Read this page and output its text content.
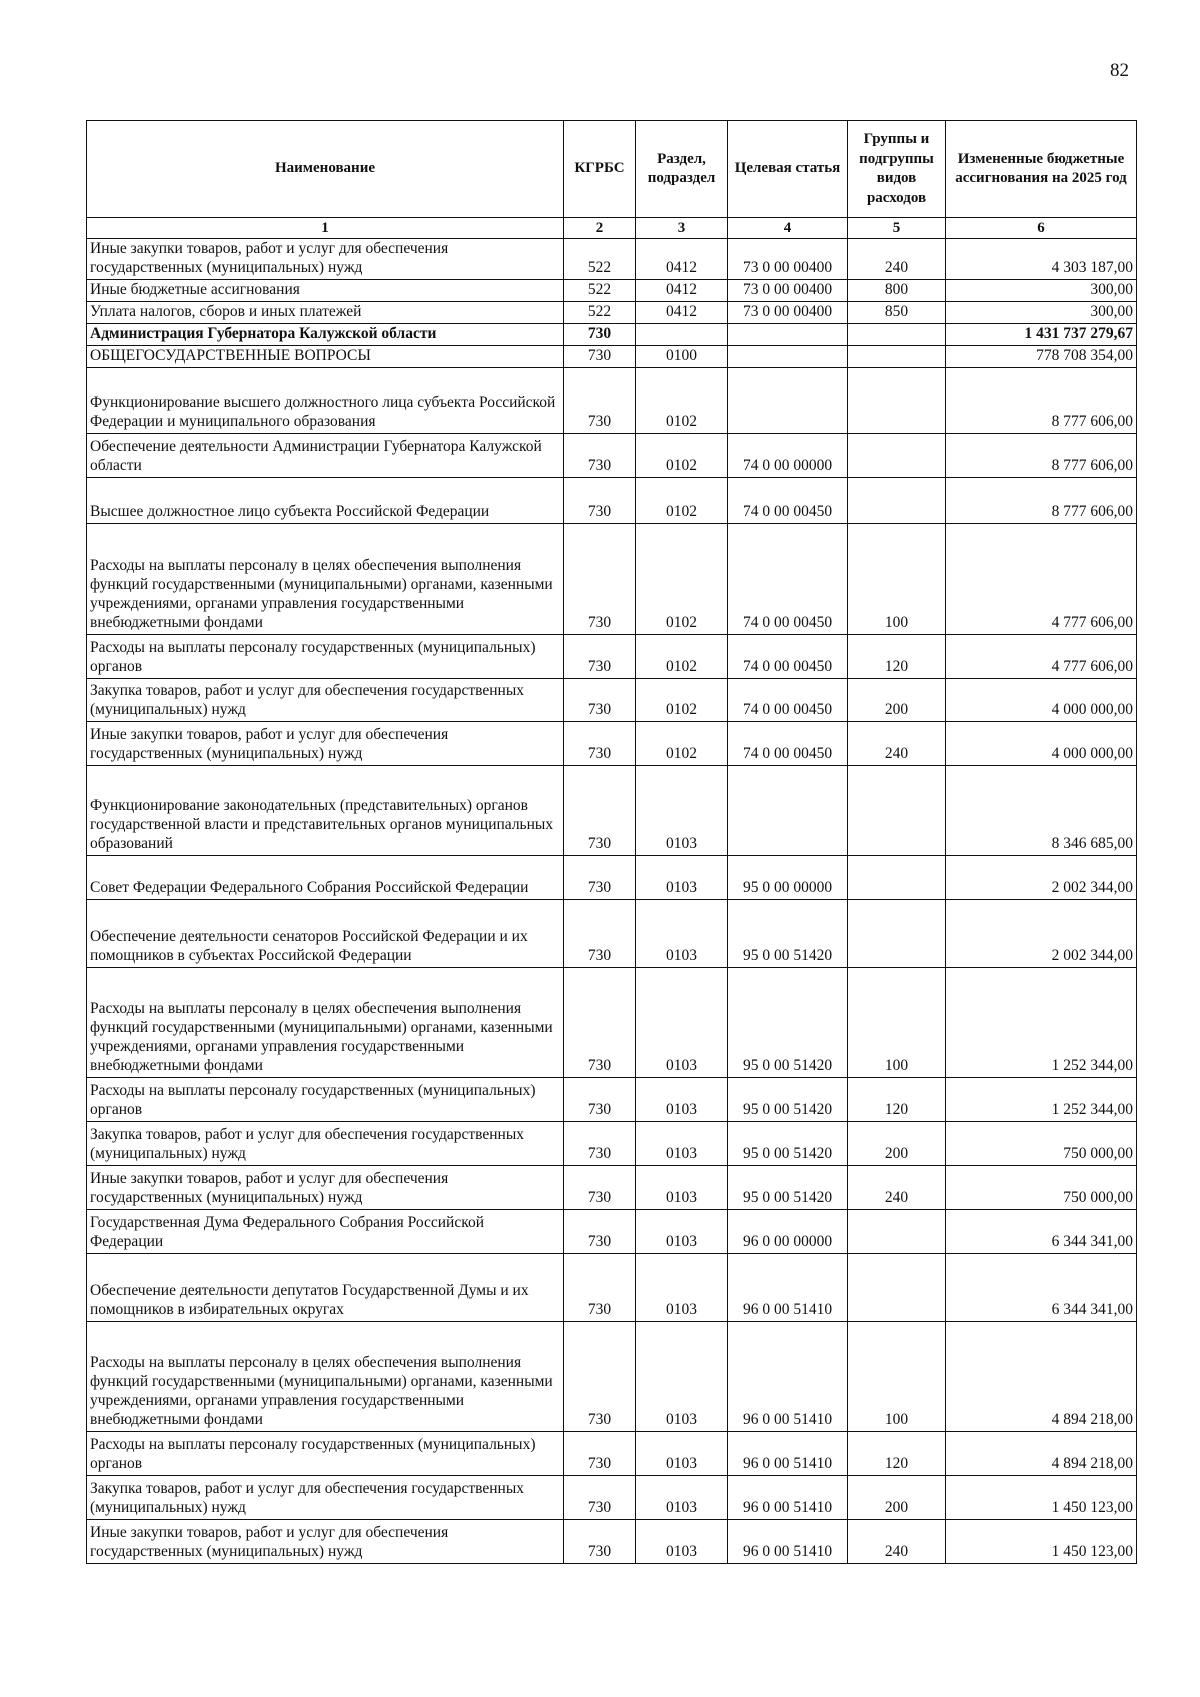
82
Наименование	КГРБС	Раздел, подраздел	Целевая статья	Группы и подгруппы видов расходов	Измененные бюджетные ассигнования на 2025 год
1	2	3	4	5	6
Иные закупки товаров, работ и услуг для обеспечения государственных (муниципальных) нужд	522	0412	73 0 00 00400	240	4 303 187,00
Иные бюджетные ассигнования	522	0412	73 0 00 00400	800	300,00
Уплата налогов, сборов и иных платежей	522	0412	73 0 00 00400	850	300,00
Администрация Губернатора Калужской области	730				1 431 737 279,67
ОБЩЕГОСУДАРСТВЕННЫЕ ВОПРОСЫ	730	0100			778 708 354,00
Функционирование высшего должностного лица субъекта Российской Федерации и муниципального образования	730	0102			8 777 606,00
Обеспечение деятельности Администрации Губернатора Калужской области	730	0102	74 0 00 00000		8 777 606,00
Высшее должностное лицо субъекта Российской Федерации	730	0102	74 0 00 00450		8 777 606,00
Расходы на выплаты персоналу в целях обеспечения выполнения функций государственными (муниципальными) органами, казенными учреждениями, органами управления государственными внебюджетными фондами	730	0102	74 0 00 00450	100	4 777 606,00
Расходы на выплаты персоналу государственных (муниципальных) органов	730	0102	74 0 00 00450	120	4 777 606,00
Закупка товаров, работ и услуг для обеспечения государственных (муниципальных) нужд	730	0102	74 0 00 00450	200	4 000 000,00
Иные закупки товаров, работ и услуг для обеспечения государственных (муниципальных) нужд	730	0102	74 0 00 00450	240	4 000 000,00
Функционирование законодательных (представительных) органов государственной власти и представительных органов муниципальных образований	730	0103			8 346 685,00
Совет Федерации Федерального Собрания Российской Федерации	730	0103	95 0 00 00000		2 002 344,00
Обеспечение деятельности сенаторов Российской Федерации и их помощников в субъектах Российской Федерации	730	0103	95 0 00 51420		2 002 344,00
Расходы на выплаты персоналу в целях обеспечения выполнения функций государственными (муниципальными) органами, казенными учреждениями, органами управления государственными внебюджетными фондами	730	0103	95 0 00 51420	100	1 252 344,00
Расходы на выплаты персоналу государственных (муниципальных) органов	730	0103	95 0 00 51420	120	1 252 344,00
Закупка товаров, работ и услуг для обеспечения государственных (муниципальных) нужд	730	0103	95 0 00 51420	200	750 000,00
Иные закупки товаров, работ и услуг для обеспечения государственных (муниципальных) нужд	730	0103	95 0 00 51420	240	750 000,00
Государственная Дума Федерального Собрания Российской Федерации	730	0103	96 0 00 00000		6 344 341,00
Обеспечение деятельности депутатов Государственной Думы и их помощников в избирательных округах	730	0103	96 0 00 51410		6 344 341,00
Расходы на выплаты персоналу в целях обеспечения выполнения функций государственными (муниципальными) органами, казенными учреждениями, органами управления государственными внебюджетными фондами	730	0103	96 0 00 51410	100	4 894 218,00
Расходы на выплаты персоналу государственных (муниципальных) органов	730	0103	96 0 00 51410	120	4 894 218,00
Закупка товаров, работ и услуг для обеспечения государственных (муниципальных) нужд	730	0103	96 0 00 51410	200	1 450 123,00
Иные закупки товаров, работ и услуг для обеспечения государственных (муниципальных) нужд	730	0103	96 0 00 51410	240	1 450 123,00
